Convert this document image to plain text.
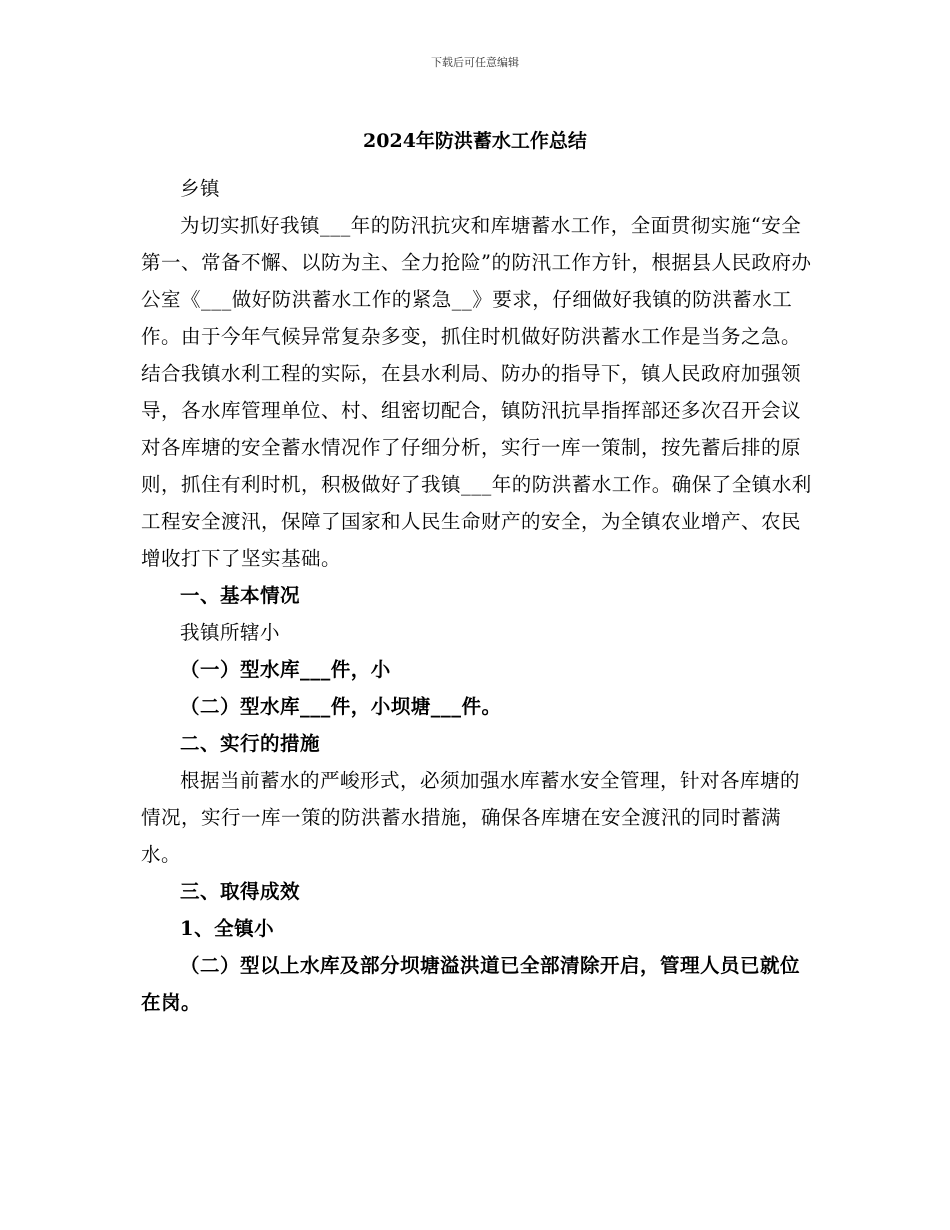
下载后可任意编辑
2024年防洪蓄水工作总结

乡镇

为切实抓好我镇___年的防汛抗灾和库塘蓄水工作，全面贯彻实施“安全第一、常备不懈、以防为主、全力抢险”的防汛工作方针，根据县人民政府办公室《___做好防洪蓄水工作的紧急__》要求，仔细做好我镇的防洪蓄水工作。由于今年气候异常复杂多变，抓住时机做好防洪蓄水工作是当务之急。结合我镇水利工程的实际，在县水利局、防办的指导下，镇人民政府加强领导，各水库管理单位、村、组密切配合，镇防汛抗旱指挥部还多次召开会议对各库塘的安全蓄水情况作了仔细分析，实行一库一策制，按先蓄后排的原则，抓住有利时机，积极做好了我镇___年的防洪蓄水工作。确保了全镇水利工程安全渡汛，保障了国家和人民生命财产的安全，为全镇农业增产、农民增收打下了坚实基础。

一、基本情况

我镇所辖小

（一）型水库___件，小

（二）型水库___件，小坝塘___件。

二、实行的措施

根据当前蓄水的严峻形式，必须加强水库蓄水安全管理，针对各库塘的情况，实行一库一策的防洪蓄水措施，确保各库塘在安全渡汛的同时蓄满水。

三、取得成效

1、全镇小

（二）型以上水库及部分坝塘溢洪道已全部清除开启，管理人员已就位在岗。
